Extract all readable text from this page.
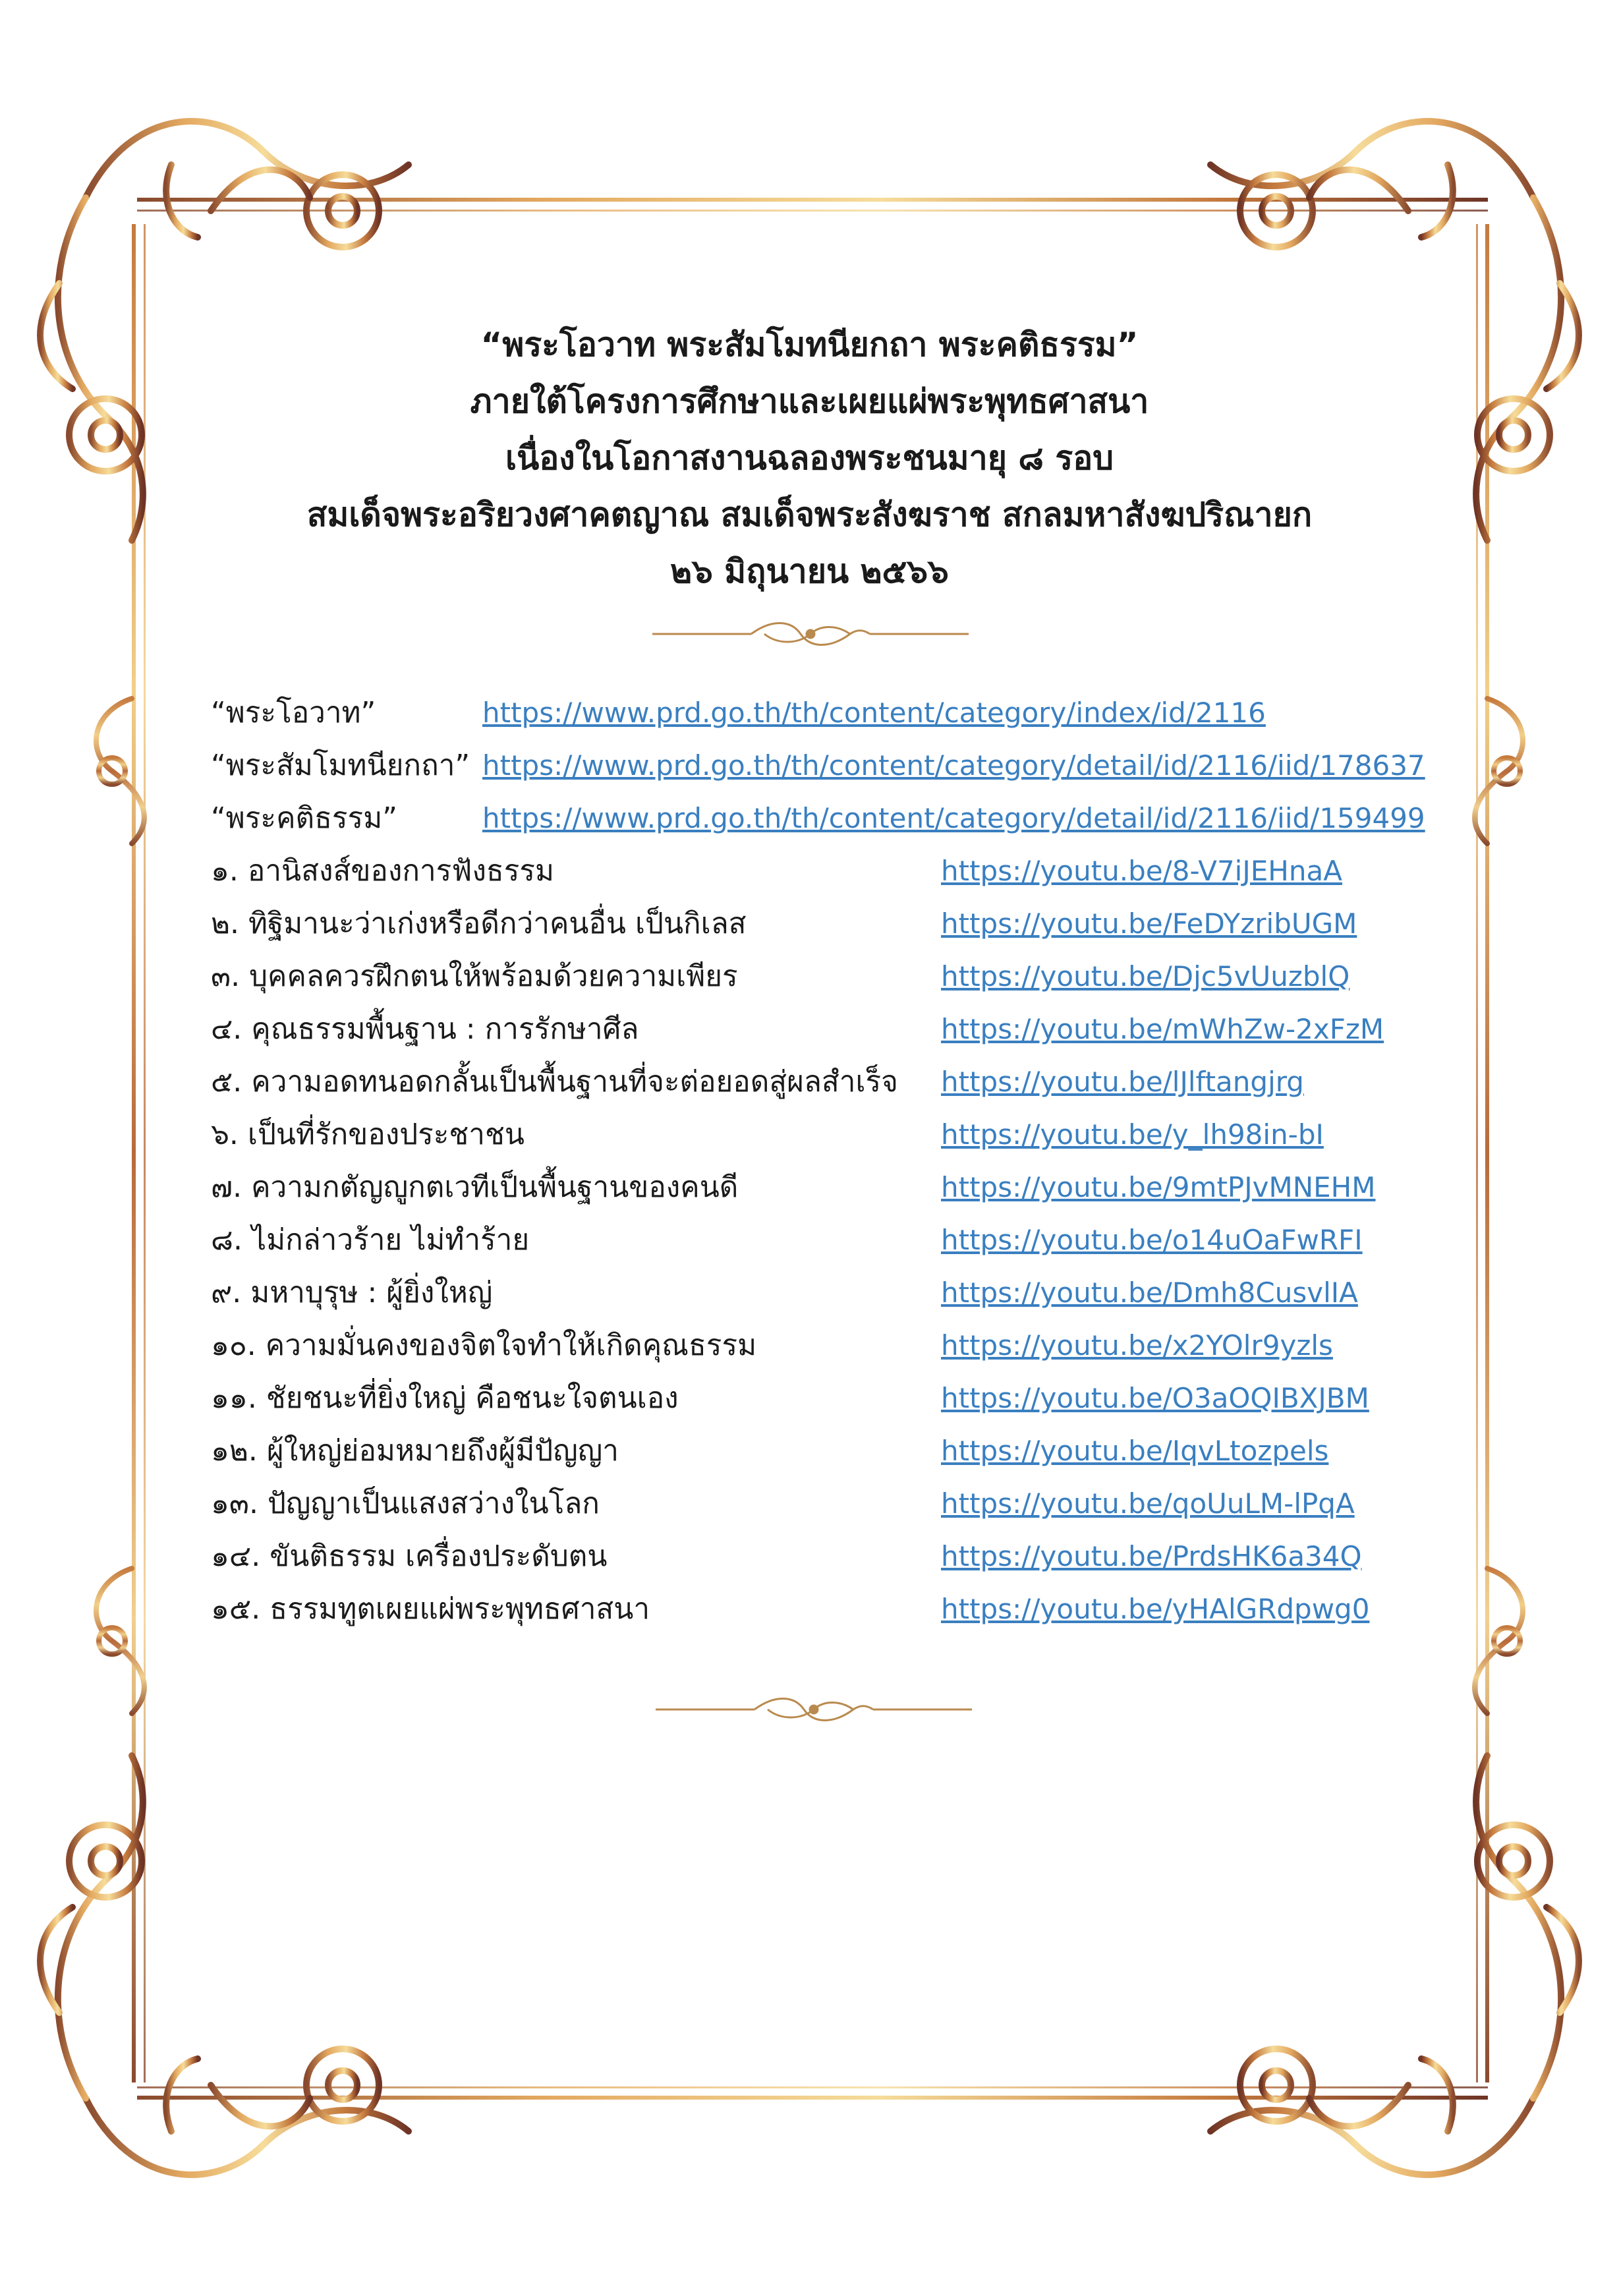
“พระโอวาท พระสัมโมทนียกถา พระคติธรรม”
ภายใต้โครงการศึกษาและเผยแผ่พระพุทธศาสนา
เนื่องในโอกาสงานฉลองพระชนมายุ ๘ รอบ
สมเด็จพระอริยวงศาคตญาณ สมเด็จพระสังฆราช สกลมหาสังฆปริณายก
๒๖ มิถุนายน ๒๕๖๖
“พระโอวาท”	https://www.prd.go.th/th/content/category/index/id/2116
“พระสัมโมทนียกถา” https://www.prd.go.th/th/content/category/detail/id/2116/iid/178637
“พระคติธรรม”	https://www.prd.go.th/th/content/category/detail/id/2116/iid/159499
๑. อานิสงส์ของการฟังธรรม	https://youtu.be/8-V7iJEHnaA
๒. ทิฐิมานะว่าเก่งหรือดีกว่าคนอื่น เป็นกิเลส	https://youtu.be/FeDYzribUGM
๓. บุคคลควรฝึกตนให้พร้อมด้วยความเพียร	https://youtu.be/Djc5vUuzblQ
๔. คุณธรรมพื้นฐาน : การรักษาศีล	https://youtu.be/mWhZw-2xFzM
๕. ความอดทนอดกลั้นเป็นพื้นฐานที่จะต่อยอดสู่ผลสำเร็จ https://youtu.be/lJlftangjrg
๖. เป็นที่รักของประชาชน	https://youtu.be/y_lh98in-bI
๗. ความกตัญญูกตเวทีเป็นพื้นฐานของคนดี	https://youtu.be/9mtPJvMNEHM
๘. ไม่กล่าวร้าย ไม่ทำร้าย	https://youtu.be/o14uOaFwRFI
๙. มหาบุรุษ : ผู้ยิ่งใหญ่	https://youtu.be/Dmh8CusvlIA
๑๐. ความมั่นคงของจิตใจทำให้เกิดคุณธรรม	https://youtu.be/x2YOlr9yzls
๑๑. ชัยชนะที่ยิ่งใหญ่ คือชนะใจตนเอง	https://youtu.be/O3aOQIBXJBM
๑๒. ผู้ใหญ่ย่อมหมายถึงผู้มีปัญญา	https://youtu.be/IqvLtozpels
๑๓. ปัญญาเป็นแสงสว่างในโลก	https://youtu.be/qoUuLM-lPqA
๑๔. ขันติธรรม เครื่องประดับตน	https://youtu.be/PrdsHK6a34Q
๑๕. ธรรมทูตเผยแผ่พระพุทธศาสนา	https://youtu.be/yHAlGRdpwg0
